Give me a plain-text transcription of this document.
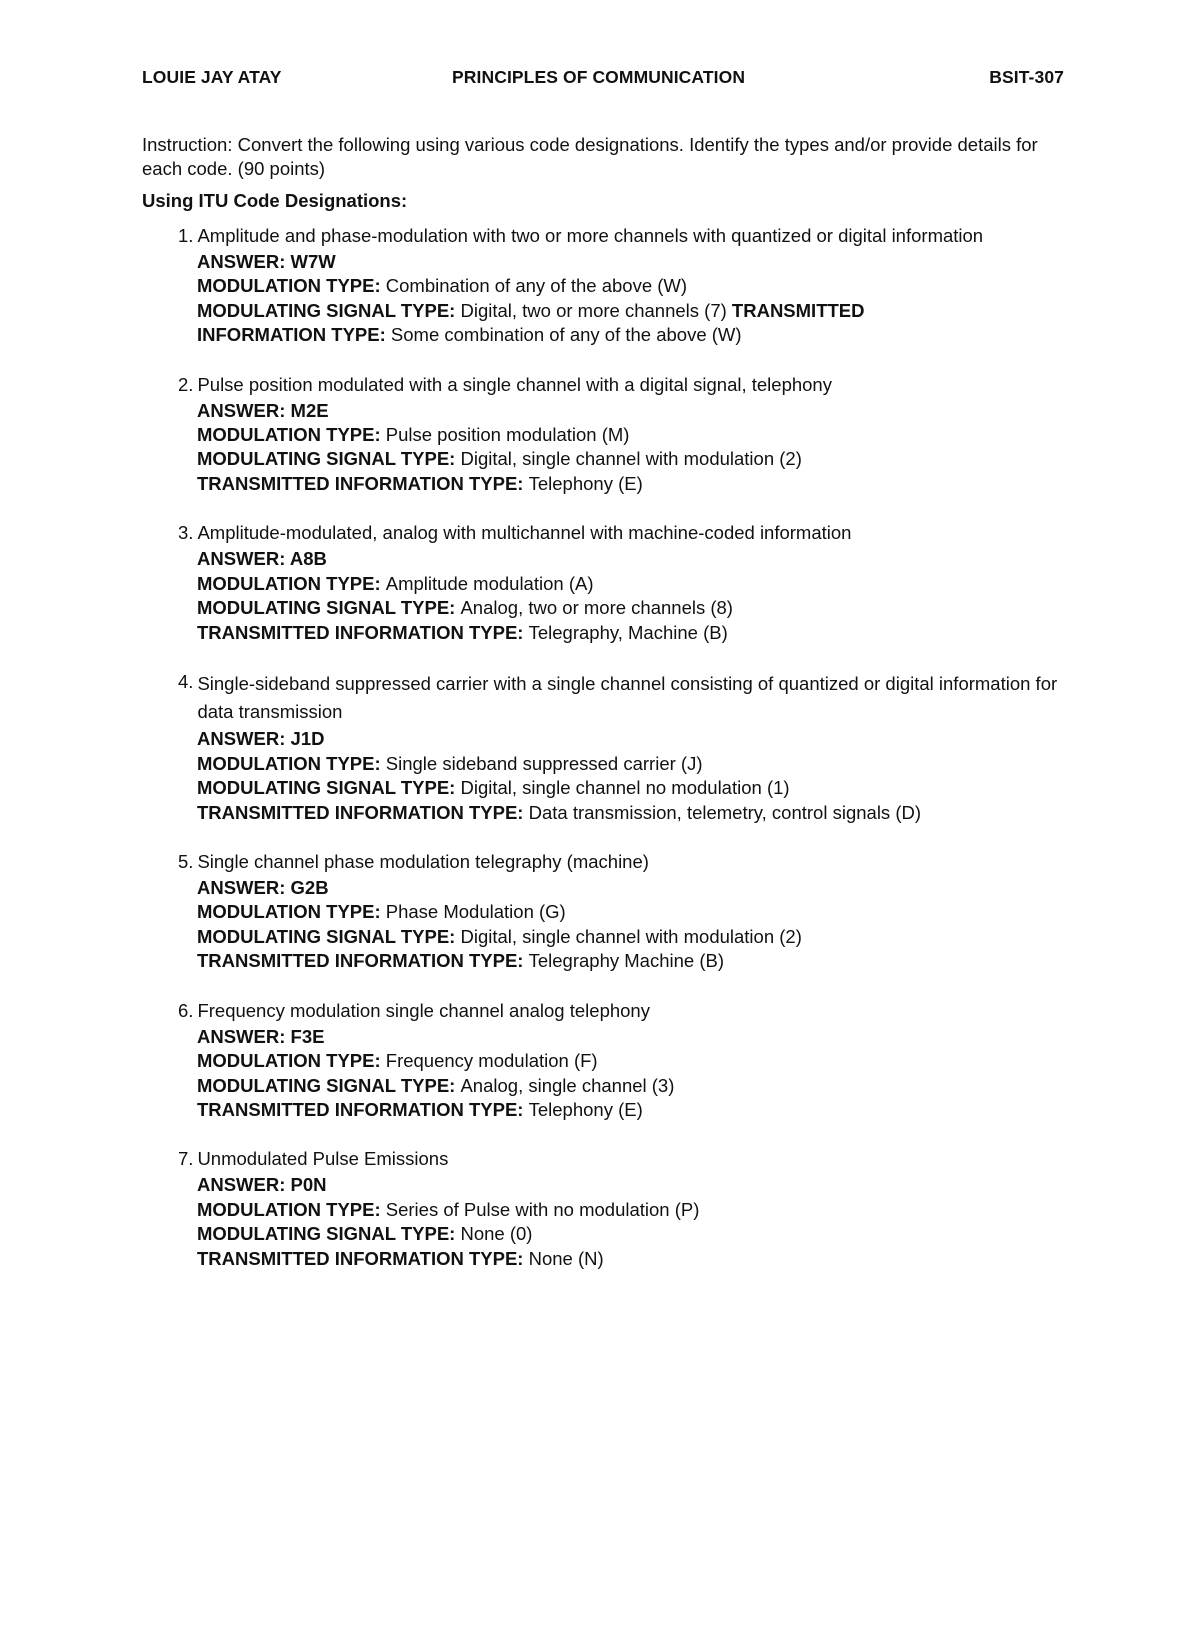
LOUIE JAY ATAY	PRINCIPLES OF COMMUNICATION	BSIT-307

Instruction: Convert the following using various code designations. Identify the types and/or provide details for each code. (90 points)

Using ITU Code Designations:

1. Amplitude and phase-modulation with two or more channels with quantized or digital information
ANSWER: W7W
MODULATION TYPE: Combination of any of the above (W)
MODULATING SIGNAL TYPE: Digital, two or more channels (7) TRANSMITTED
INFORMATION TYPE: Some combination of any of the above (W)
2. Pulse position modulated with a single channel with a digital signal, telephony
ANSWER: M2E
MODULATION TYPE: Pulse position modulation (M)
MODULATING SIGNAL TYPE: Digital, single channel with modulation (2)
TRANSMITTED INFORMATION TYPE: Telephony (E)
3. Amplitude-modulated, analog with multichannel with machine-coded information
ANSWER: A8B
MODULATION TYPE: Amplitude modulation (A)
MODULATING SIGNAL TYPE: Analog, two or more channels (8)
TRANSMITTED INFORMATION TYPE: Telegraphy, Machine (B)
4. Single-sideband suppressed carrier with a single channel consisting of quantized or digital information for data transmission
ANSWER: J1D
MODULATION TYPE: Single sideband suppressed carrier (J)
MODULATING SIGNAL TYPE: Digital, single channel no modulation (1)
TRANSMITTED INFORMATION TYPE: Data transmission, telemetry, control signals (D)
5. Single channel phase modulation telegraphy (machine)
ANSWER: G2B
MODULATION TYPE: Phase Modulation (G)
MODULATING SIGNAL TYPE: Digital, single channel with modulation (2)
TRANSMITTED INFORMATION TYPE: Telegraphy Machine (B)
6. Frequency modulation single channel analog telephony
ANSWER: F3E
MODULATION TYPE: Frequency modulation (F)
MODULATING SIGNAL TYPE: Analog, single channel (3)
TRANSMITTED INFORMATION TYPE: Telephony (E)
7. Unmodulated Pulse Emissions
ANSWER: P0N
MODULATION TYPE: Series of Pulse with no modulation (P)
MODULATING SIGNAL TYPE: None (0)
TRANSMITTED INFORMATION TYPE: None (N)
